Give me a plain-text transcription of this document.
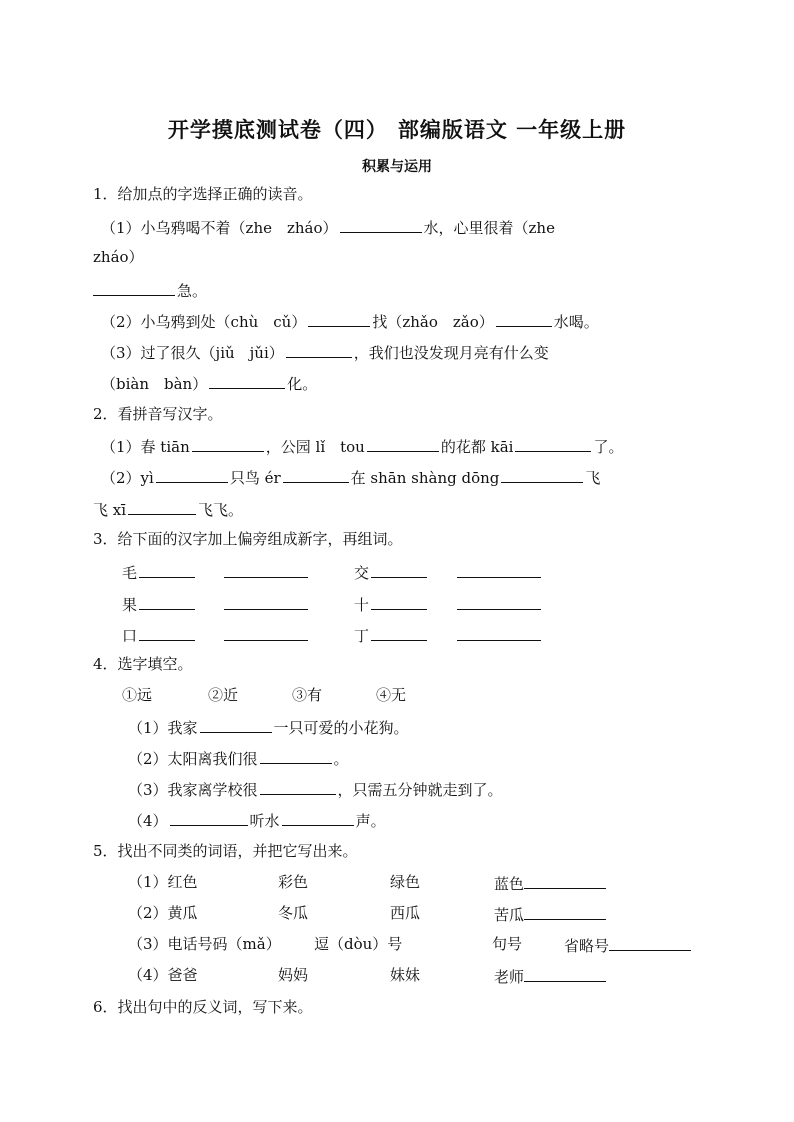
开学摸底测试卷（四） 部编版语文 一年级上册
积累与运用
1．给加点的字选择正确的读音。
（1）小乌鸦喝不着（zhe　zháo）	水，心里很着（zhe
zháo）
急。
（2）小乌鸦到处（chù　cǔ）	找（zhǎo　zǎo）	水喝。
（3）过了很久（jiǔ　jǔi）	，我们也没发现月亮有什么变
（biàn　bàn）	化。
2．看拼音写汉字。
（1）春 tiān	，公园 lǐ　tou	的花都 kāi	了。
（2）yì	只鸟 ér	在 shān shàng dōng	飞
飞 xī	飞飞。
3．给下面的汉字加上偏旁组成新字，再组词。
毛	交
果	十
口	丁
4．选字填空。
①远	②近	③有	④无
（1）我家	一只可爱的小花狗。
（2）太阳离我们很	。
（3）我家离学校很	，只需五分钟就走到了。
（4）	听水	声。
5．找出不同类的词语，并把它写出来。
（1）红色	彩色	绿色	蓝色
（2）黄瓜	冬瓜	西瓜	苦瓜
（3）电话号码（mǎ） 逗（dòu）号	句号	省略号
（4）爸爸	妈妈	妹妹	老师
6．找出句中的反义词，写下来。
